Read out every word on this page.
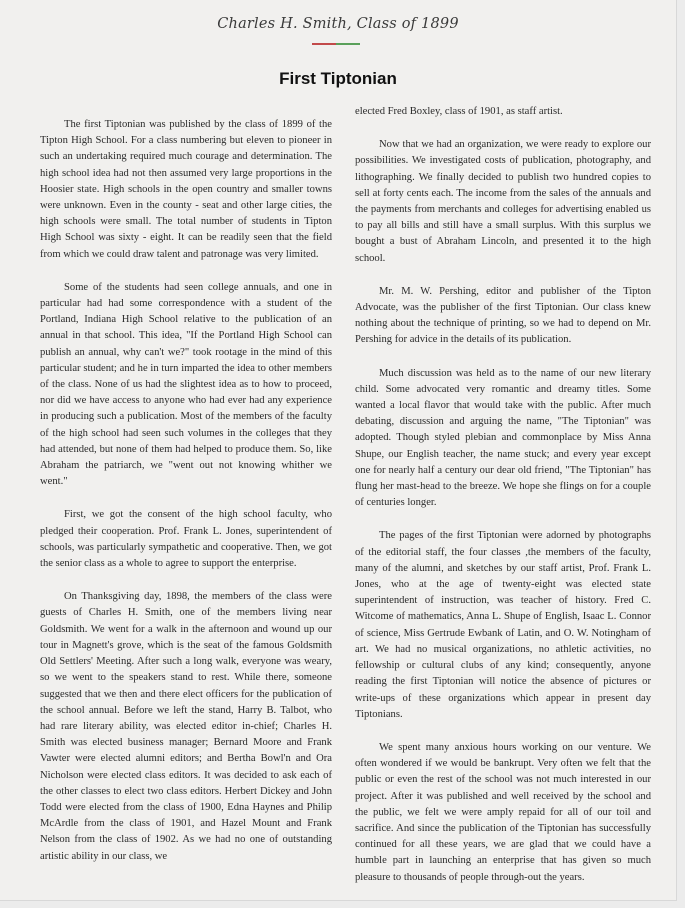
Charles H. Smith, Class of 1899
First Tiptonian

The first Tiptonian was published by the class of 1899 of the Tipton High School. For a class numbering but eleven to pioneer in such an undertaking required much courage and determination. The high school idea had not then assumed very large proportions in the Hoosier state. High schools in the open country and smaller towns were unknown. Even in the county - seat and other large cities, the high schools were small. The total number of students in Tipton High School was sixty - eight. It can be readily seen that the field from which we could draw talent and patronage was very limited.

Some of the students had seen college annuals, and one in particular had had some correspondence with a student of the Portland, Indiana High School relative to the publication of an annual in that school. This idea, "If the Portland High School can publish an annual, why can't we?" took rootage in the mind of this particular student; and he in turn imparted the idea to other members of the class. None of us had the slightest idea as to how to proceed, nor did we have access to anyone who had ever had any experience in producing such a publication. Most of the members of the faculty of the high school had seen such volumes in the colleges that they had attended, but none of them had helped to produce them. So, like Abraham the patriarch, we "went out not knowing whither we went."

First, we got the consent of the high school faculty, who pledged their cooperation. Prof. Frank L. Jones, superintendent of schools, was particularly sympathetic and cooperative. Then, we got the senior class as a whole to agree to support the enterprise.

On Thanksgiving day, 1898, the members of the class were guests of Charles H. Smith, one of the members living near Goldsmith. We went for a walk in the afternoon and wound up our tour in Magnett's grove, which is the seat of the famous Goldsmith Old Settlers' Meeting. After such a long walk, everyone was weary, so we went to the speakers stand to rest. While there, someone suggested that we then and there elect officers for the publication of the school annual. Before we left the stand, Harry B. Talbot, who had rare literary ability, was elected editor in-chief; Charles H. Smith was elected business manager; Bernard Moore and Frank Vawter were elected alumni editors; and Bertha Bowl'n and Ora Nicholson were elected class editors. It was decided to ask each of the other classes to elect two class editors. Herbert Dickey and John Todd were elected from the class of 1900, Edna Haynes and Philip McArdle from the class of 1901, and Hazel Mount and Frank Nelson from the class of 1902. As we had no one of outstanding artistic ability in our class, we

elected Fred Boxley, class of 1901, as staff artist.

Now that we had an organization, we were ready to explore our possibilities. We investigated costs of publication, photography, and lithographing. We finally decided to publish two hundred copies to sell at forty cents each. The income from the sales of the annuals and the payments from merchants and colleges for advertising enabled us to pay all bills and still have a small surplus. With this surplus we bought a bust of Abraham Lincoln, and presented it to the high school.

Mr. M. W. Pershing, editor and publisher of the Tipton Advocate, was the publisher of the first Tiptonian. Our class knew nothing about the technique of printing, so we had to depend on Mr. Pershing for advice in the details of its publication.

Much discussion was held as to the name of our new literary child. Some advocated very romantic and dreamy titles. Some wanted a local flavor that would take with the public. After much debating, discussion and arguing the name, "The Tiptonian" was adopted. Though styled plebian and commonplace by Miss Anna Shupe, our English teacher, the name stuck; and every year except one for nearly half a century our dear old friend, "The Tiptonian" has flung her mast-head to the breeze. We hope she flings on for a couple of centuries longer.

The pages of the first Tiptonian were adorned by photographs of the editorial staff, the four classes ,the members of the faculty, many of the alumni, and sketches by our staff artist, Prof. Frank L. Jones, who at the age of twenty-eight was elected state superintendent of instruction, was teacher of history. Fred C. Witcome of mathematics, Anna L. Shupe of English, Isaac L. Connor of science, Miss Gertrude Ewbank of Latin, and O. W. Notingham of art. We had no musical organizations, no athletic activities, no fellowship or cultural clubs of any kind; consequently, anyone reading the first Tiptonian will notice the absence of pictures or write-ups of these organizations which appear in present day Tiptonians.

We spent many anxious hours working on our venture. We often wondered if we would be bankrupt. Very often we felt that the public or even the rest of the school was not much interested in our project. After it was published and well received by the school and the public, we felt we were amply repaid for all of our toil and sacrifice. And since the publication of the Tiptonian has successfully continued for all these years, we are glad that we could have a humble part in launching an enterprise that has given so much pleasure to thousands of people through-out the years.
